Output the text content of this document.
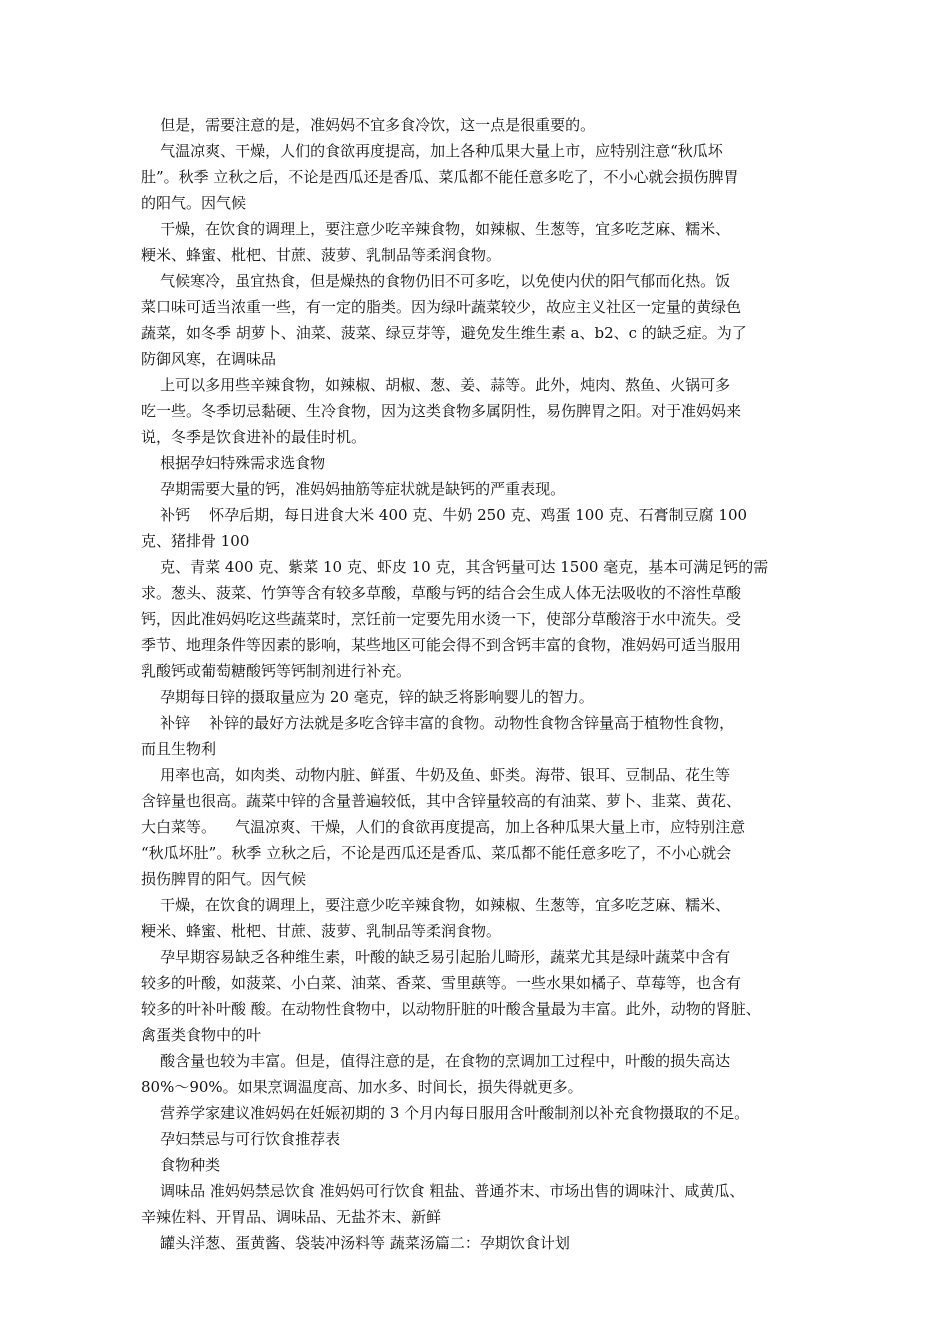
但是，需要注意的是，准妈妈不宜多食冷饮，这一点是很重要的。
气温凉爽、干燥，人们的食欲再度提高，加上各种瓜果大量上市，应特别注意“秋瓜坏
肚”。秋季 立秋之后，不论是西瓜还是香瓜、菜瓜都不能任意多吃了，不小心就会损伤脾胃
的阳气。因气候
干燥，在饮食的调理上，要注意少吃辛辣食物，如辣椒、生葱等，宜多吃芝麻、糯米、
粳米、蜂蜜、枇杷、甘蔗、菠萝、乳制品等柔润食物。
气候寒冷，虽宜热食，但是燥热的食物仍旧不可多吃，以免使内伏的阳气郁而化热。饭
菜口味可适当浓重一些，有一定的脂类。因为绿叶蔬菜较少，故应主义社区一定量的黄绿色
蔬菜，如冬季 胡萝卜、油菜、菠菜、绿豆芽等，避免发生维生素 a、b2、c 的缺乏症。为了
防御风寒，在调味品
上可以多用些辛辣食物，如辣椒、胡椒、葱、姜、蒜等。此外，炖肉、熬鱼、火锅可多
吃一些。冬季切忌黏硬、生冷食物，因为这类食物多属阴性，易伤脾胃之阳。对于准妈妈来
说，冬季是饮食进补的最佳时机。
根据孕妇特殊需求选食物
孕期需要大量的钙，准妈妈抽筋等症状就是缺钙的严重表现。
补钙    怀孕后期，每日进食大米 400 克、牛奶 250 克、鸡蛋 100 克、石膏制豆腐 100
克、猪排骨 100
克、青菜 400 克、紫菜 10 克、虾皮 10 克，其含钙量可达 1500 毫克，基本可满足钙的需
求。葱头、菠菜、竹笋等含有较多草酸，草酸与钙的结合会生成人体无法吸收的不溶性草酸
钙，因此准妈妈吃这些蔬菜时，烹饪前一定要先用水烫一下，使部分草酸溶于水中流失。受
季节、地理条件等因素的影响，某些地区可能会得不到含钙丰富的食物，准妈妈可适当服用
乳酸钙或葡萄糖酸钙等钙制剂进行补充。
孕期每日锌的摄取量应为 20 毫克，锌的缺乏将影响婴儿的智力。
补锌    补锌的最好方法就是多吃含锌丰富的食物。动物性食物含锌量高于植物性食物，
而且生物利
用率也高，如肉类、动物内脏、鲜蛋、牛奶及鱼、虾类。海带、银耳、豆制品、花生等
含锌量也很高。蔬菜中锌的含量普遍较低，其中含锌量较高的有油菜、萝卜、韭菜、黄花、
大白菜等。    气温凉爽、干燥，人们的食欲再度提高，加上各种瓜果大量上市，应特别注意
“秋瓜坏肚”。秋季 立秋之后，不论是西瓜还是香瓜、菜瓜都不能任意多吃了，不小心就会
损伤脾胃的阳气。因气候
干燥，在饮食的调理上，要注意少吃辛辣食物，如辣椒、生葱等，宜多吃芝麻、糯米、
粳米、蜂蜜、枇杷、甘蔗、菠萝、乳制品等柔润食物。
孕早期容易缺乏各种维生素，叶酸的缺乏易引起胎儿畸形，蔬菜尤其是绿叶蔬菜中含有
较多的叶酸，如菠菜、小白菜、油菜、香菜、雪里蕻等。一些水果如橘子、草莓等，也含有
较多的叶补叶酸 酸。在动物性食物中，以动物肝脏的叶酸含量最为丰富。此外，动物的肾脏、
禽蛋类食物中的叶
酸含量也较为丰富。但是，值得注意的是，在食物的烹调加工过程中，叶酸的损失高达
80%～90%。如果烹调温度高、加水多、时间长，损失得就更多。
营养学家建议准妈妈在妊娠初期的 3 个月内每日服用含叶酸制剂以补充食物摄取的不足。
孕妇禁忌与可行饮食推荐表
食物种类
调味品 准妈妈禁忌饮食 准妈妈可行饮食 粗盐、普通芥末、市场出售的调味汁、咸黄瓜、
辛辣佐料、开胃品、调味品、无盐芥末、新鲜
罐头洋葱、蛋黄酱、袋装冲汤料等 蔬菜汤篇二：孕期饮食计划
